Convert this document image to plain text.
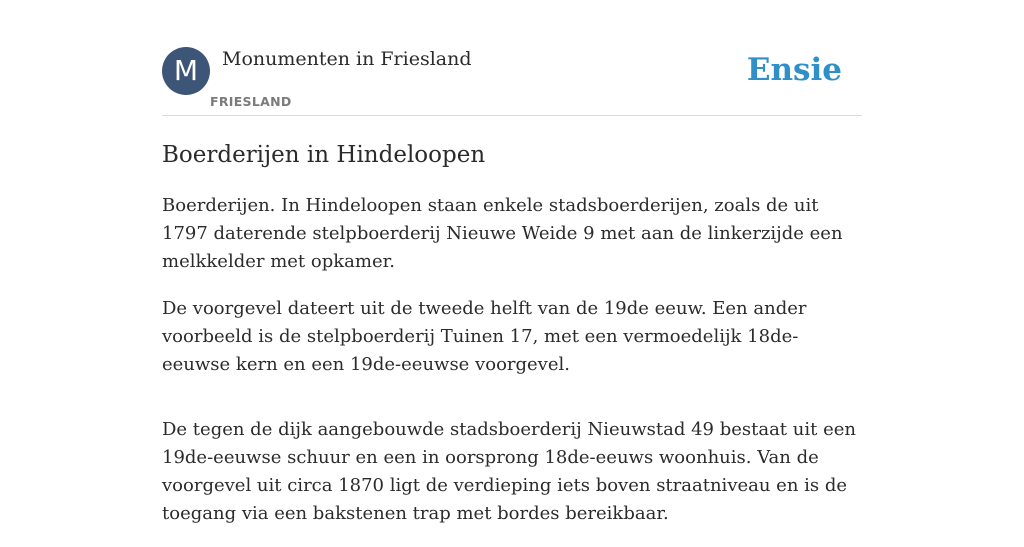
M	Monumenten in Friesland
FRIESLAND
Ensie
Boerderijen in Hindeloopen

Boerderijen. In Hindeloopen staan enkele stadsboerderijen, zoals de uit 1797 daterende stelpboerderij Nieuwe Weide 9 met aan de linkerzijde een melkkelder met opkamer.

De voorgevel dateert uit de tweede helft van de 19de eeuw. Een ander voorbeeld is de stelpboerderij Tuinen 17, met een vermoedelijk 18de-eeuwse kern en een 19de-eeuwse voorgevel.

De tegen de dijk aangebouwde stadsboerderij Nieuwstad 49 bestaat uit een 19de-eeuwse schuur en een in oorsprong 18de-eeuws woonhuis. Van de voorgevel uit circa 1870 ligt de verdieping iets boven straatniveau en is de toegang via een bakstenen trap met bordes bereikbaar.
